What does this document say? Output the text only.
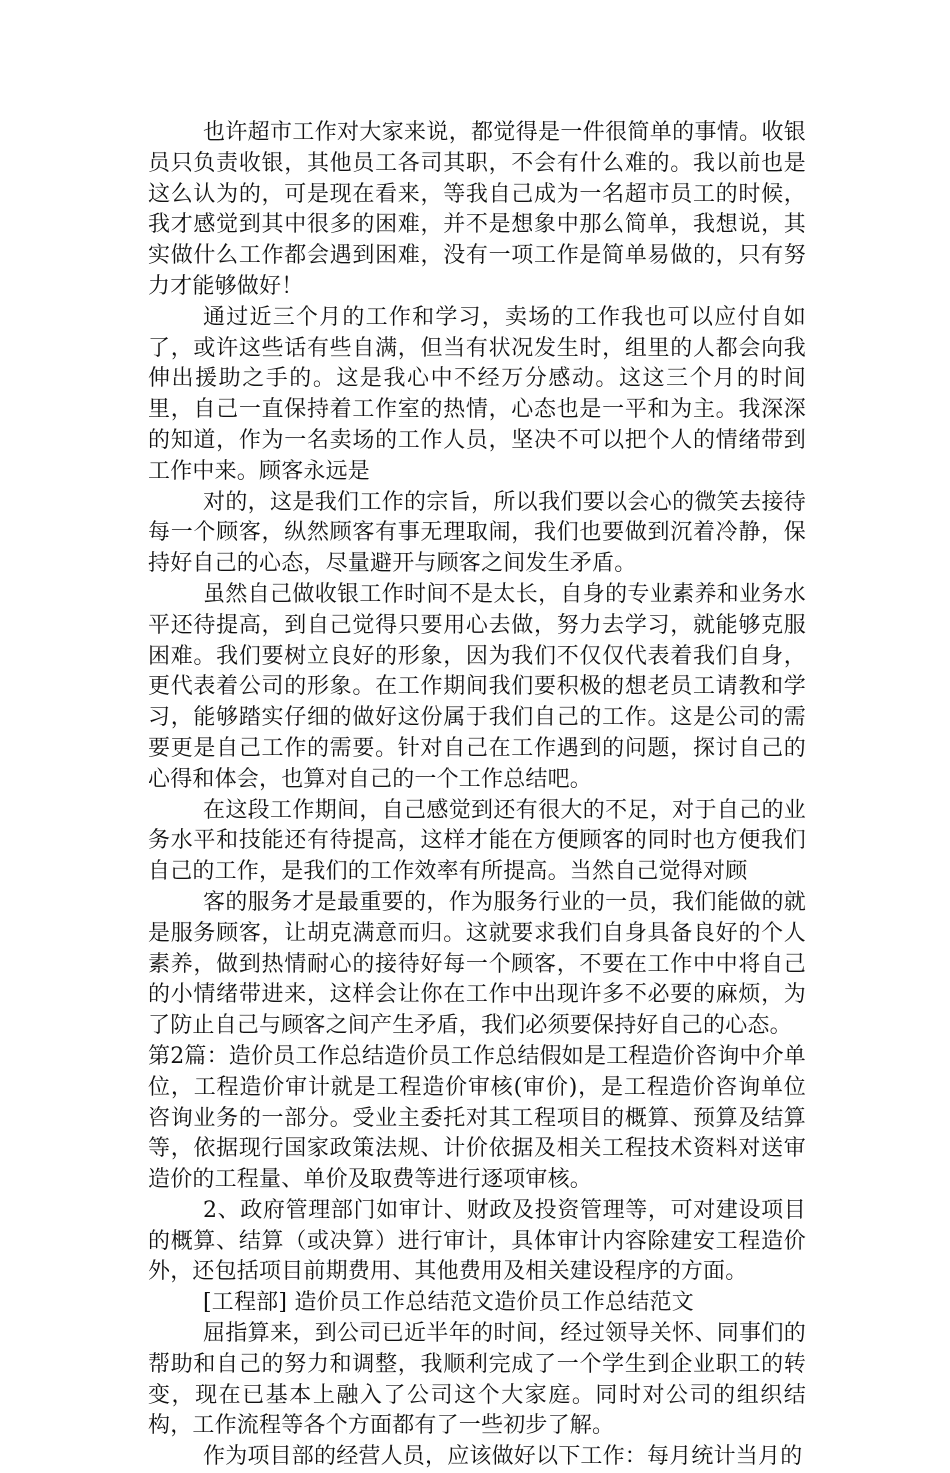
也许超市工作对大家来说，都觉得是一件很简单的事情。收银员只负责收银，其他员工各司其职，不会有什么难的。我以前也是这么认为的，可是现在看来，等我自己成为一名超市员工的时候，我才感觉到其中很多的困难，并不是想象中那么简单，我想说，其实做什么工作都会遇到困难，没有一项工作是简单易做的，只有努力才能够做好！

通过近三个月的工作和学习，卖场的工作我也可以应付自如了，或许这些话有些自满，但当有状况发生时，组里的人都会向我伸出援助之手的。这是我心中不经万分感动。这这三个月的时间里，自己一直保持着工作室的热情，心态也是一平和为主。我深深的知道，作为一名卖场的工作人员，坚决不可以把个人的情绪带到工作中来。顾客永远是

对的，这是我们工作的宗旨，所以我们要以会心的微笑去接待每一个顾客，纵然顾客有事无理取闹，我们也要做到沉着冷静，保持好自己的心态，尽量避开与顾客之间发生矛盾。

虽然自己做收银工作时间不是太长，自身的专业素养和业务水平还待提高，到自己觉得只要用心去做，努力去学习，就能够克服困难。我们要树立良好的形象，因为我们不仅仅代表着我们自身，更代表着公司的形象。在工作期间我们要积极的想老员工请教和学习，能够踏实仔细的做好这份属于我们自己的工作。这是公司的需要更是自己工作的需要。针对自己在工作遇到的问题，探讨自己的心得和体会，也算对自己的一个工作总结吧。

在这段工作期间，自己感觉到还有很大的不足，对于自己的业务水平和技能还有待提高，这样才能在方便顾客的同时也方便我们自己的工作，是我们的工作效率有所提高。当然自己觉得对顾

客的服务才是最重要的，作为服务行业的一员，我们能做的就是服务顾客，让胡克满意而归。这就要求我们自身具备良好的个人素养，做到热情耐心的接待好每一个顾客，不要在工作中中将自己的小情绪带进来，这样会让你在工作中出现许多不必要的麻烦，为了防止自己与顾客之间产生矛盾，我们必须要保持好自己的心态。

第2篇：造价员工作总结造价员工作总结假如是工程造价咨询中介单位，工程造价审计就是工程造价审核(审价)，是工程造价咨询单位咨询业务的一部分。受业主委托对其工程项目的概算、预算及结算等，依据现行国家政策法规、计价依据及相关工程技术资料对送审造价的工程量、单价及取费等进行逐项审核。

2、政府管理部门如审计、财政及投资管理等，可对建设项目的概算、结算（或决算）进行审计，具体审计内容除建安工程造价外，还包括项目前期费用、其他费用及相关建设程序的方面。

[工程部] 造价员工作总结范文造价员工作总结范文

屈指算来，到公司已近半年的时间，经过领导关怀、同事们的帮助和自己的努力和调整，我顺利完成了一个学生到企业职工的转变，现在已基本上融入了公司这个大家庭。同时对公司的组织结构，工作流程等各个方面都有了一些初步了解。

作为项目部的经营人员，应该做好以下工作：每月统计当月的
